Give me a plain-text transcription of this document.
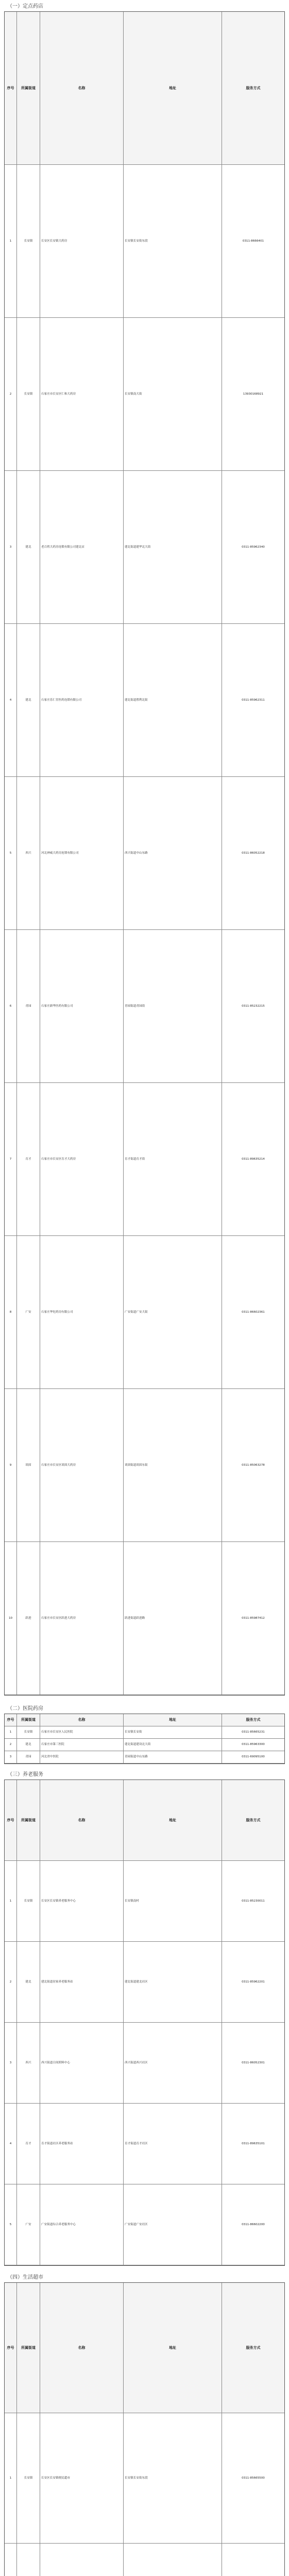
（一）定点药店
序号	所属街道	名称	地址	服务方式
1	长安镇	长安区长安镇大药房	长安镇长安街东段	0311-8666401
2	长安镇	石家庄市长安区仁和大药房	长安镇南大街	13930168921
3	建北	老百姓大药房连锁有限公司建北店	建北街道建华北大街	0311-85962340
4	建北	石家庄乐仁堂医药连锁有限公司	建北街道胜利北街	0311-85962311
5	西兴	河北神威大药房连锁有限公司	西兴街道中山东路	0311-86052218
6	青园	石家庄新华医药有限公司	青园街道青园街	0311-85232215
7	育才	石家庄市长安区育才大药房	育才街道育才街	0311-89635214
8	广安	石家庄华佗药房有限公司	广安街道广安大街	0311-86602361
9	谈固	石家庄市长安区谈固大药房	谈固街道谈固东街	0311-85063278
10	跃进	石家庄市长安区跃进大药房	跃进街道跃进路	0311-85987412
（二）医院药房
序号	所属街道	名称	地址	服务方式
1	长安镇	石家庄市长安区人民医院	长安镇长安街	0311-85665231
2	建北	石家庄市第三医院	建北街道建设北大街	0311-85963300
3	青园	河北省中医院	青园街道中山东路	0311-69095100
（三）养老服务
序号	所属街道	名称	地址	服务方式
1	长安镇	长安区长安镇养老服务中心	长安镇南村	0311-85230011
2	建北	建北街道居家养老服务站	建北街道建北社区	0311-85962201
3	西兴	西兴街道日间照料中心	西兴街道西兴社区	0311-86052301
4	育才	育才街道社区养老服务站	育才街道育才社区	0311-89635101
5	广安	广安街道综合养老服务中心	广安街道广安社区	0311-86602200
（四）生活超市
序号	所属街道	名称	地址	服务方式
1	长安镇	长安区长安镇便民超市	长安镇长安街东段	0311-85665500
